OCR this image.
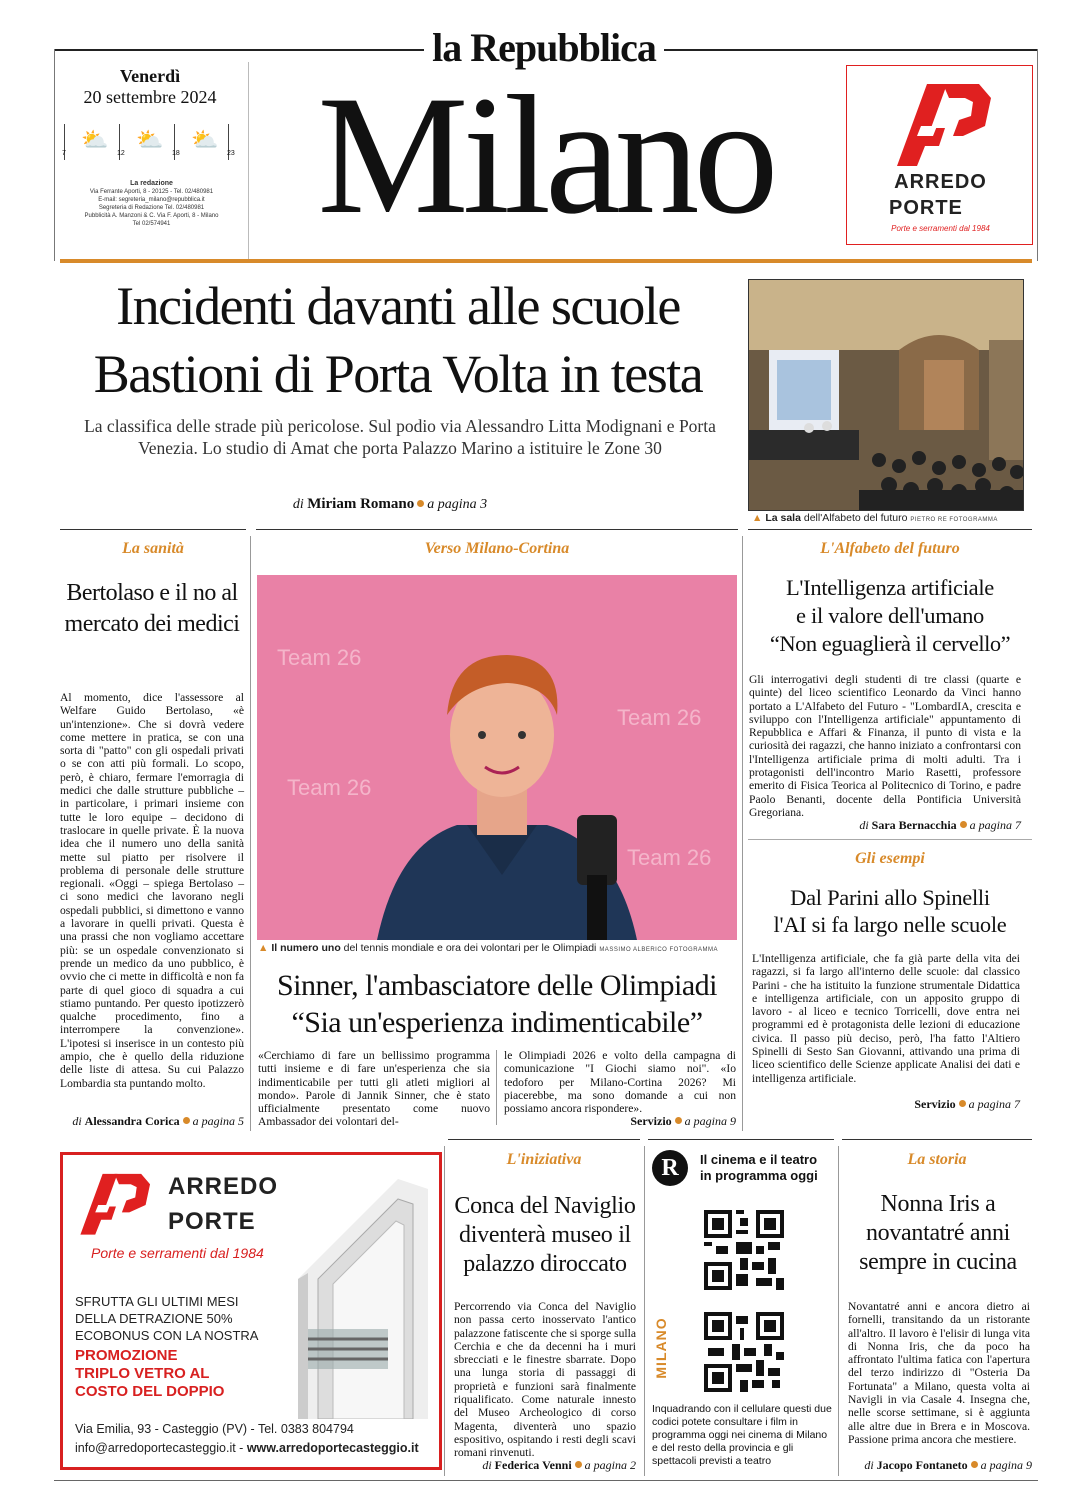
la Repubblica
Milano
Venerdì
20 settembre 2024
⛅
7
⛅
12
⛅
18	23
La redazione
Via Ferrante Aporti, 8 - 20125 - Tel. 02/480981
E-mail: segreteria_milano@repubblica.it
Segreteria di Redazione Tel. 02/480981
Pubblicità A. Manzoni & C. Via F. Aporti, 8 - Milano
Tel 02/574941
ARREDO
PORTE
Porte e serramenti dal 1984
Incidenti davanti alle scuole
Bastioni di Porta Volta in testa
La classifica delle strade più pericolose. Sul podio via Alessandro Litta Modignani e Porta Venezia. Lo studio di Amat che porta Palazzo Marino a istituire le Zone 30
di Miriam Romano a pagina 3
▲ La sala dell'Alfabeto del futuro PIETRO RE FOTOGRAMMA
La sanità
Bertolaso e il no al mercato dei medici
Al momento, dice l'assessore al Welfare Guido Bertolaso, «è un'intenzione». Che si dovrà vedere come mettere in pratica, se con una sorta di "patto" con gli ospedali privati o se con atti più formali. Lo scopo, però, è chiaro, fermare l'emorragia di medici che dalle strutture pubbliche – in particolare, i primari insieme con tutte le loro equipe – decidono di traslocare in quelle private. È la nuova idea che il numero uno della sanità mette sul piatto per risolvere il problema di personale delle strutture regionali. «Oggi – spiega Bertolaso – ci sono medici che lavorano negli ospedali pubblici, si dimettono e vanno a lavorare in quelli privati. Questa è una prassi che non vogliamo accettare più: se un ospedale convenzionato si prende un medico da uno pubblico, è ovvio che ci mette in difficoltà e non fa parte di quel gioco di squadra a cui stiamo puntando. Per questo ipotizzerò qualche procedimento, fino a interrompere la convenzione». L'ipotesi si inserisce in un contesto più ampio, che è quello della riduzione delle liste di attesa. Su cui Palazzo Lombardia sta puntando molto.
di Alessandra Corica a pagina 5
Verso Milano-Cortina
Team 26
Team 26
Team 26
Team 26
▲ Il numero uno del tennis mondiale e ora dei volontari per le Olimpiadi MASSIMO ALBERICO FOTOGRAMMA
Sinner, l'ambasciatore delle Olimpiadi
“Sia un'esperienza indimenticabile”
«Cerchiamo di fare un bellissimo programma tutti insieme e di fare un'esperienza che sia indimenticabile per tutti gli atleti migliori al mondo». Parole di Jannik Sinner, che è stato ufficialmente presentato come nuovo Ambassador dei volontari del-
le Olimpiadi 2026 e volto della campagna di comunicazione "I Giochi siamo noi". «Io tedoforo per Milano-Cortina 2026? Mi piacerebbe, ma sono domande a cui non possiamo ancora rispondere».
Servizio a pagina 9
L'Alfabeto del futuro
L'Intelligenza artificiale
e il valore dell'umano
“Non eguaglierà il cervello”
Gli interrogativi degli studenti di tre classi (quarte e quinte) del liceo scientifico Leonardo da Vinci hanno portato a L'Alfabeto del Futuro - "LombardIA, crescita e sviluppo con l'Intelligenza artificiale" appuntamento di Repubblica e Affari & Finanza, il punto di vista e la curiosità dei ragazzi, che hanno iniziato a confrontarsi con l'Intelligenza artificiale prima di molti adulti. Tra i protagonisti dell'incontro Mario Rasetti, professore emerito di Fisica Teorica al Politecnico di Torino, e padre Paolo Benanti, docente della Pontificia Università Gregoriana.
di Sara Bernacchia a pagina 7
Gli esempi
Dal Parini allo Spinelli
l'AI si fa largo nelle scuole
L'Intelligenza artificiale, che fa già parte della vita dei ragazzi, si fa largo all'interno delle scuole: dal classico Parini - che ha istituito la funzione strumentale Didattica e intelligenza artificiale, con un apposito gruppo di lavoro - al liceo e tecnico Torricelli, dove entra nei programmi ed è protagonista delle lezioni di educazione civica. Il passo più deciso, però, l'ha fatto l'Altiero Spinelli di Sesto San Giovanni, attivando una prima di liceo scientifico delle Scienze applicate Analisi dei dati e intelligenza artificiale.
Servizio a pagina 7
ARREDO
PORTE
Porte e serramenti dal 1984
SFRUTTA GLI ULTIMI MESI
DELLA DETRAZIONE 50%
ECOBONUS CON LA NOSTRA
PROMOZIONE
TRIPLO VETRO AL
COSTO DEL DOPPIO
Via Emilia, 93 - Casteggio (PV) - Tel. 0383 804794
info@arredoportecasteggio.it - www.arredoportecasteggio.it
L'iniziativa
Conca del Naviglio diventerà museo il palazzo diroccato
Percorrendo via Conca del Naviglio non passa certo inosservato l'antico palazzone fatiscente che si sporge sulla Cerchia e che da decenni ha i muri sbrecciati e le finestre sbarrate. Dopo una lunga storia di passaggi di proprietà e funzioni sarà finalmente riqualificato. Come naturale innesto del Museo Archeologico di corso Magenta, diventerà uno spazio espositivo, ospitando i resti degli scavi romani rinvenuti.
di Federica Venni a pagina 2
R	Il cinema e il teatro
in programma oggi
MILANO
Inquadrando con il cellulare questi due codici potete consultare i film in programma oggi nei cinema di Milano e del resto della provincia e gli spettacoli previsti a teatro
La storia
Nonna Iris a novantatré anni sempre in cucina
Novantatré anni e ancora dietro ai fornelli, transitando da un ristorante all'altro. Il lavoro è l'elisir di lunga vita di Nonna Iris, che da poco ha affrontato l'ultima fatica con l'apertura del terzo indirizzo di "Osteria Da Fortunata" a Milano, questa volta ai Navigli in via Casale 4. Insegna che, nelle scorse settimane, si è aggiunta alle altre due in Brera e in Moscova. Passione prima ancora che mestiere.
di Jacopo Fontaneto a pagina 9
